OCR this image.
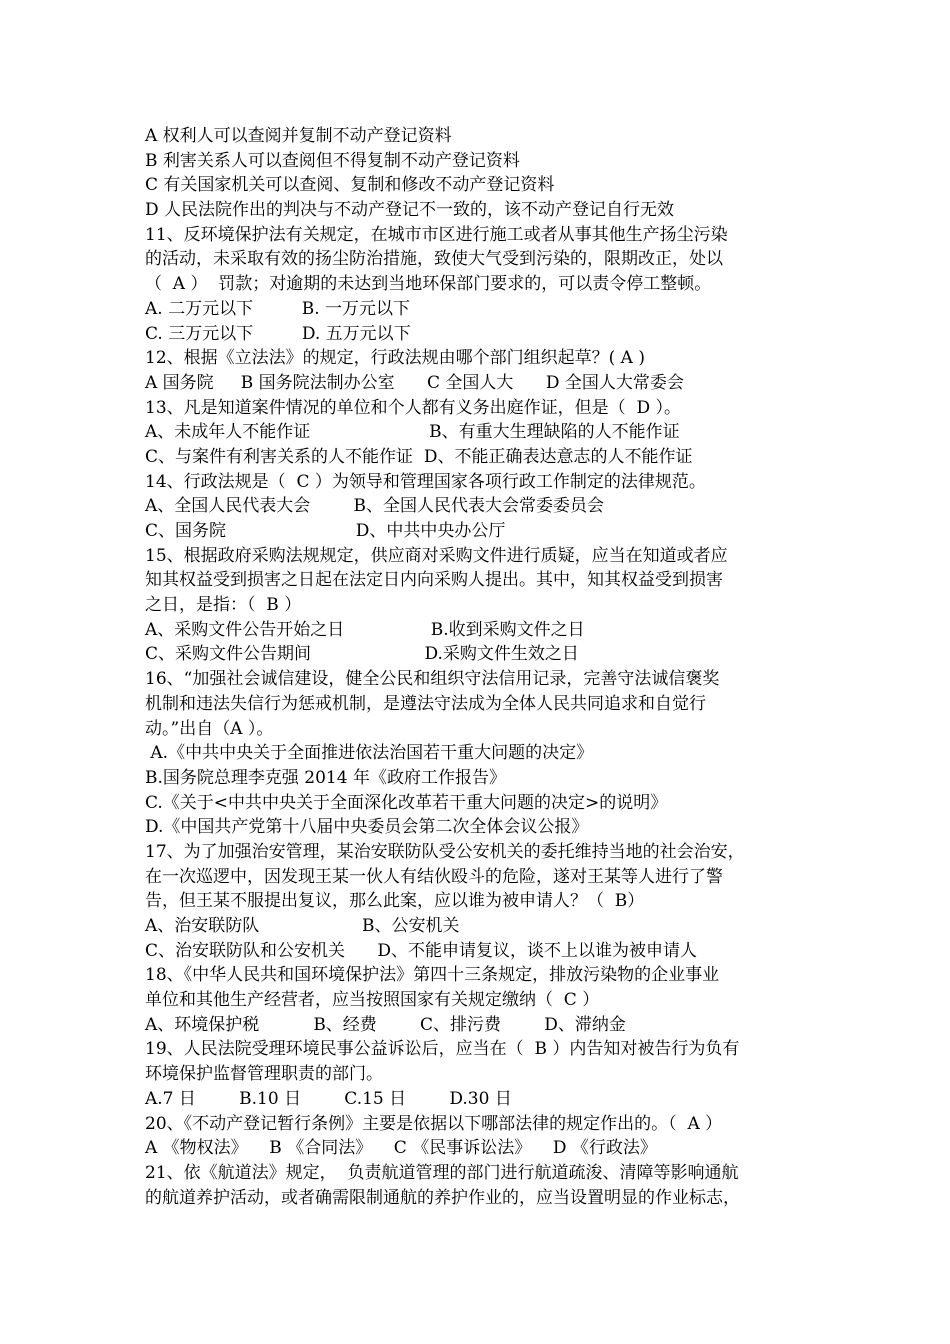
A 权利人可以查阅并复制不动产登记资料
B 利害关系人可以查阅但不得复制不动产登记资料
C 有关国家机关可以查阅、复制和修改不动产登记资料
D 人民法院作出的判决与不动产登记不一致的，该不动产登记自行无效
11、反环境保护法有关规定，在城市市区进行施工或者从事其他生产扬尘污染
的活动，未采取有效的扬尘防治措施，致使大气受到污染的，限期改正，处以
（  A ）  罚款；对逾期的未达到当地环保部门要求的，可以责令停工整顿。
A. 二万元以下         B. 一万元以下
C. 三万元以下         D. 五万元以下
12、根据《立法法》的规定，行政法规由哪个部门组织起草？( A )
A 国务院     B 国务院法制办公室      C 全国人大      D 全国人大常委会
13、凡是知道案件情况的单位和个人都有义务出庭作证，但是（  D ）。
A、未成年人不能作证                      B、有重大生理缺陷的人不能作证
C、与案件有利害关系的人不能作证  D、不能正确表达意志的人不能作证
14、行政法规是（  C ）为领导和管理国家各项行政工作制定的法律规范。
A、全国人民代表大会        B、全国人民代表大会常委委员会
C、国务院                        D、中共中央办公厅
15、根据政府采购法规规定，供应商对采购文件进行质疑，应当在知道或者应
知其权益受到损害之日起在法定日内向采购人提出。其中，知其权益受到损害
之日，是指：（  B ）
A、采购文件公告开始之日                B.收到采购文件之日
C、采购文件公告期间                     D.采购文件生效之日
16、“加强社会诚信建设，健全公民和组织守法信用记录，完善守法诚信褒奖
机制和违法失信行为惩戒机制，是遵法守法成为全体人民共同追求和自觉行
动。”出自（A ）。
A.《中共中央关于全面推进依法治国若干重大问题的决定》
B.国务院总理李克强 2014 年《政府工作报告》
C.《关于<中共中央关于全面深化改革若干重大问题的决定>的说明》
D.《中国共产党第十八届中央委员会第二次全体会议公报》
17、为了加强治安管理，某治安联防队受公安机关的委托维持当地的社会治安，
在一次巡逻中，因发现王某一伙人有结伙殴斗的危险，遂对王某等人进行了警
告，但王某不服提出复议，那么此案，应以谁为被申请人？（  B）
A、治安联防队                   B、公安机关
C、治安联防队和公安机关      D、不能申请复议，谈不上以谁为被申请人
18、《中华人民共和国环境保护法》第四十三条规定，排放污染物的企业事业
单位和其他生产经营者，应当按照国家有关规定缴纳（  C ）
A、环境保护税          B、经费        C、排污费        D、滞纳金
19、人民法院受理环境民事公益诉讼后，应当在（  B ）内告知对被告行为负有
环境保护监督管理职责的部门。
A.7 日        B.10 日        C.15 日        D.30 日
20、《不动产登记暂行条例》主要是依据以下哪部法律的规定作出的。（  A ）
A 《物权法》    B 《合同法》    C 《民事诉讼法》    D 《行政法》
21、依《航道法》规定，  负责航道管理的部门进行航道疏浚、清障等影响通航
的航道养护活动，或者确需限制通航的养护作业的，应当设置明显的作业标志，
